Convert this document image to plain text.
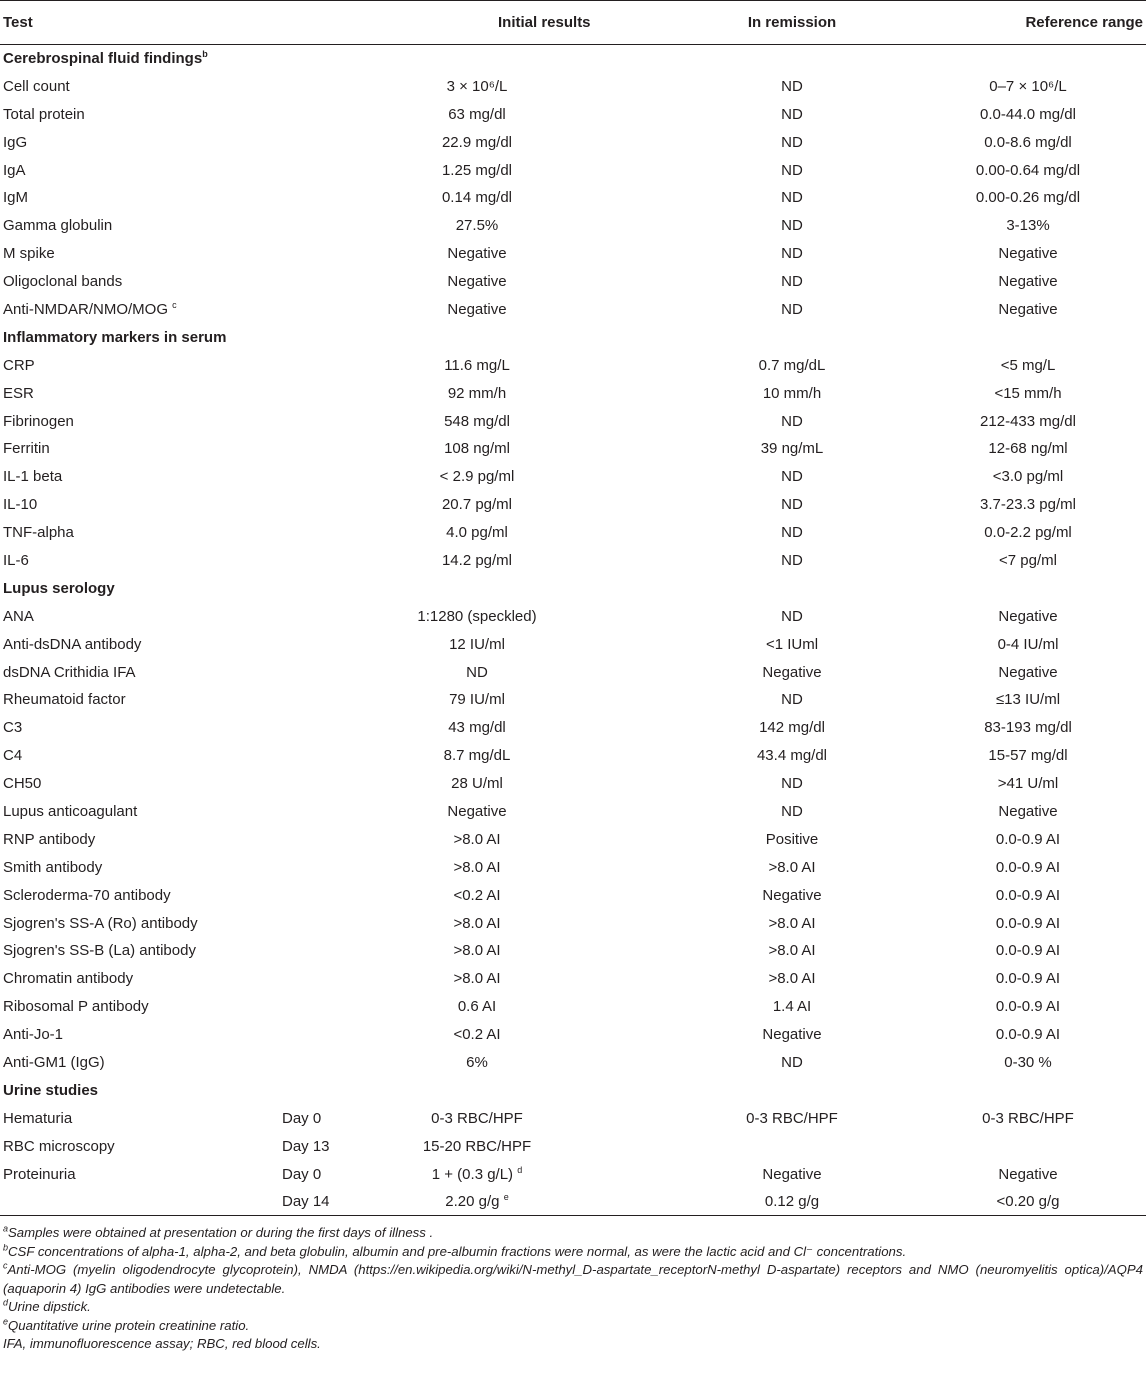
Test		Initial results	In remission	Reference range
Cerebrospinal fluid findings$^b$
Cell count		3 × 10⁶/L	ND	0–7 × 10⁶/L
Total protein		63 mg/dl	ND	0.0-44.0 mg/dl
IgG		22.9 mg/dl	ND	0.0-8.6 mg/dl
IgA		1.25 mg/dl	ND	0.00-0.64 mg/dl
IgM		0.14 mg/dl	ND	0.00-0.26 mg/dl
Gamma globulin		27.5%	ND	3-13%
M spike		Negative	ND	Negative
Oligoclonal bands		Negative	ND	Negative
Anti-NMDAR/NMO/MOG $^c$		Negative	ND	Negative
Inflammatory markers in serum				
CRP		11.6 mg/L	0.7 mg/dL	<5 mg/L
ESR		92 mm/h	10 mm/h	<15 mm/h
Fibrinogen		548 mg/dl	ND	212-433 mg/dl
Ferritin		108 ng/ml	39 ng/mL	12-68 ng/ml
IL-1 beta		< 2.9 pg/ml	ND	<3.0 pg/ml
IL-10		20.7 pg/ml	ND	3.7-23.3 pg/ml
TNF-alpha		4.0 pg/ml	ND	0.0-2.2 pg/ml
IL-6		14.2 pg/ml	ND	<7 pg/ml
Lupus serology				
ANA		1:1280 (speckled)	ND	Negative
Anti-dsDNA antibody		12 IU/ml	<1 IUml	0-4 IU/ml
dsDNA Crithidia IFA		ND	Negative	Negative
Rheumatoid factor		79 IU/ml	ND	≤13 IU/ml
C3		43 mg/dl	142 mg/dl	83-193 mg/dl
C4		8.7 mg/dL	43.4 mg/dl	15-57 mg/dl
CH50		28 U/ml	ND	>41 U/ml
Lupus anticoagulant		Negative	ND	Negative
RNP antibody		>8.0 AI	Positive	0.0-0.9 AI
Smith antibody		>8.0 AI	>8.0 AI	0.0-0.9 AI
Scleroderma-70 antibody		<0.2 AI	Negative	0.0-0.9 AI
Sjogren's SS-A (Ro) antibody		>8.0 AI	>8.0 AI	0.0-0.9 AI
Sjogren's SS-B (La) antibody		>8.0 AI	>8.0 AI	0.0-0.9 AI
Chromatin antibody		>8.0 AI	>8.0 AI	0.0-0.9 AI
Ribosomal P antibody		0.6 AI	1.4 AI	0.0-0.9 AI
Anti-Jo-1		<0.2 AI	Negative	0.0-0.9 AI
Anti-GM1 (IgG)		6%	ND	0-30 %
Urine studies				
Hematuria	Day 0	0-3 RBC/HPF	0-3 RBC/HPF	0-3 RBC/HPF
RBC microscopy	Day 13	15-20 RBC/HPF		
Proteinuria	Day 0	1 + (0.3 g/L) $^d$	Negative	Negative
	Day 14	2.20 g/g $^e$	0.12 g/g	<0.20 g/g

$^a$Samples were obtained at presentation or during the first days of illness .

$^b$CSF concentrations of alpha-1, alpha-2, and beta globulin, albumin and pre-albumin fractions were normal, as were the lactic acid and Cl⁻ concentrations.

$^c$Anti-MOG (myelin oligodendrocyte glycoprotein), NMDA (https://en.wikipedia.org/wiki/N-methyl_D-aspartate_receptorN-methyl D-aspartate) receptors and NMO (neuromyelitis optica)/AQP4 (aquaporin 4) IgG antibodies were undetectable.

$^d$Urine dipstick.

$^e$Quantitative urine protein creatinine ratio.

IFA, immunofluorescence assay; RBC, red blood cells.
